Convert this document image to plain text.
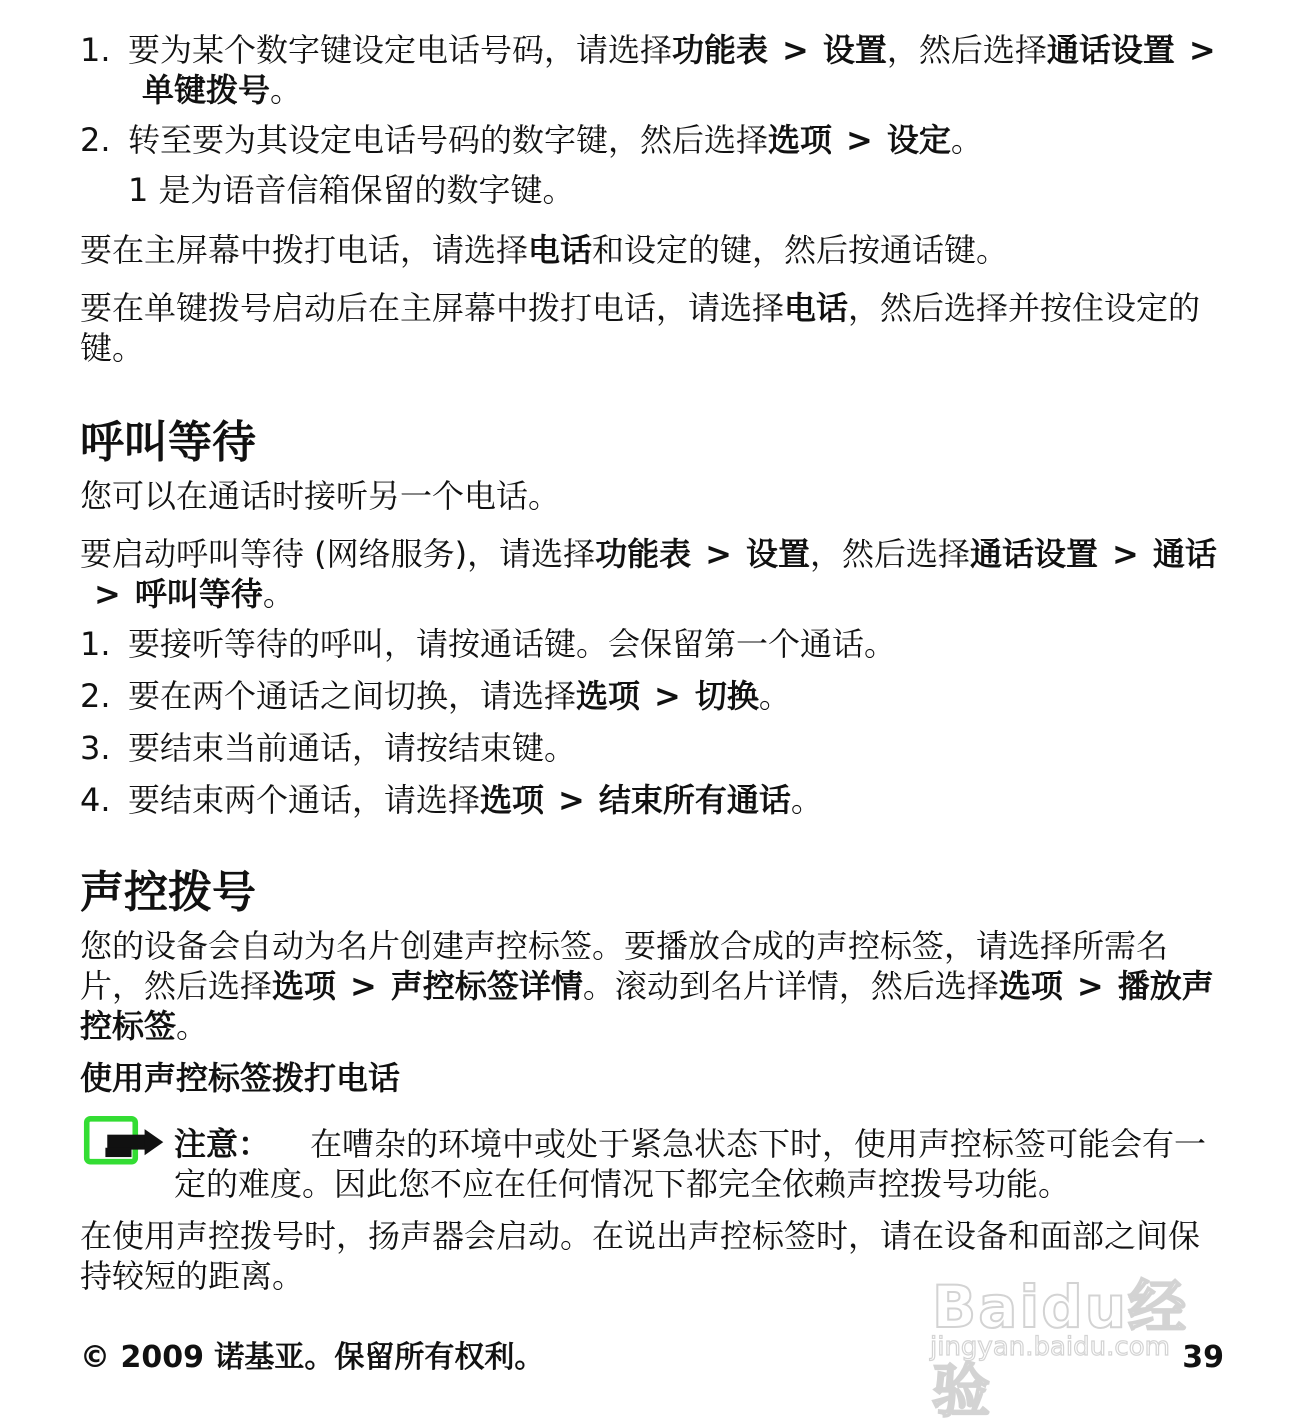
1. 要为某个数字键设定电话号码，请选择功能表 > 设置，然后选择通话设置 >单键拨号。
2. 转至要为其设定电话号码的数字键，然后选择选项 > 设定。

1 是为语音信箱保留的数字键。

要在主屏幕中拨打电话，请选择电话和设定的键，然后按通话键。

要在单键拨号启动后在主屏幕中拨打电话，请选择电话，然后选择并按住设定的键。

呼叫等待

您可以在通话时接听另一个电话。

要启动呼叫等待 (网络服务)，请选择功能表 > 设置，然后选择通话设置 > 通话> 呼叫等待。

1. 要接听等待的呼叫，请按通话键。会保留第一个通话。
2. 要在两个通话之间切换，请选择选项 > 切换。
3. 要结束当前通话，请按结束键。
4. 要结束两个通话，请选择选项 > 结束所有通话。
声控拨号

您的设备会自动为名片创建声控标签。要播放合成的声控标签，请选择所需名片，然后选择选项 > 声控标签详情。滚动到名片详情，然后选择选项 > 播放声控标签。

使用声控标签拨打电话
注意： 在嘈杂的环境中或处于紧急状态下时，使用声控标签可能会有一定的难度。因此您不应在任何情况下都完全依赖声控拨号功能。

在使用声控拨号时，扬声器会启动。在说出声控标签时，请在设备和面部之间保持较短的距离。	Baidu经验
jingyan.baidu.com
© 2009 诺基亚。保留所有权利。	39
